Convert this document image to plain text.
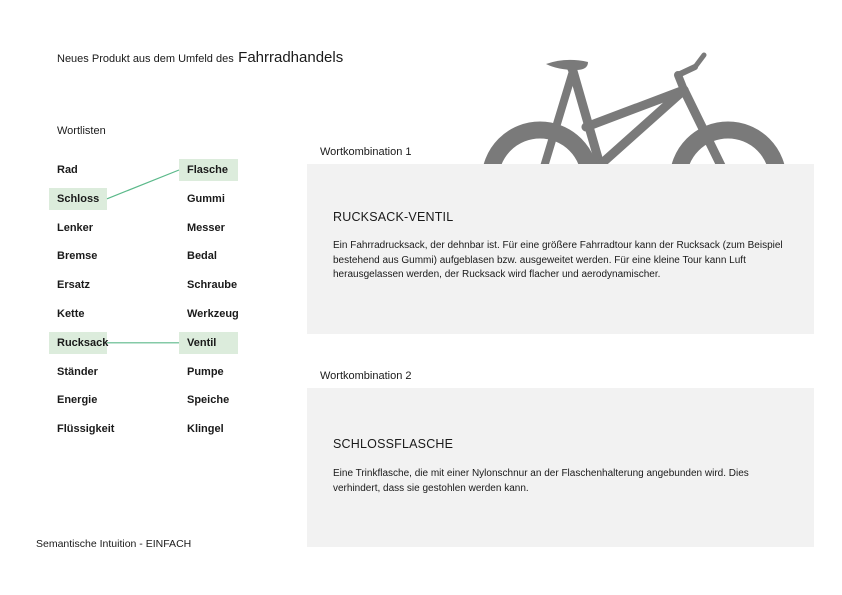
Neues Produkt aus dem Umfeld des Fahrradhandels
Wortlisten
Rad
Schloss
Lenker
Bremse
Ersatz
Kette
Rucksack
Ständer
Energie
Flüssigkeit
Flasche
Gummi
Messer
Bedal
Schraube
Werkzeug
Ventil
Pumpe
Speiche
Klingel
Wortkombination 1
RUCKSACK-VENTIL
Ein Fahrradrucksack, der dehnbar ist. Für eine größere Fahrradtour kann der Rucksack (zum Beispiel bestehend aus Gummi) aufgeblasen bzw. ausgeweitet werden. Für eine kleine Tour kann Luft herausgelassen werden, der Rucksack wird flacher und aerodynamischer.
Wortkombination 2
SCHLOSSFLASCHE
Eine Trinkflasche, die mit einer Nylonschnur an der Flaschenhalterung angebunden wird. Dies verhindert, dass sie gestohlen werden kann.
Semantische Intuition - EINFACH
